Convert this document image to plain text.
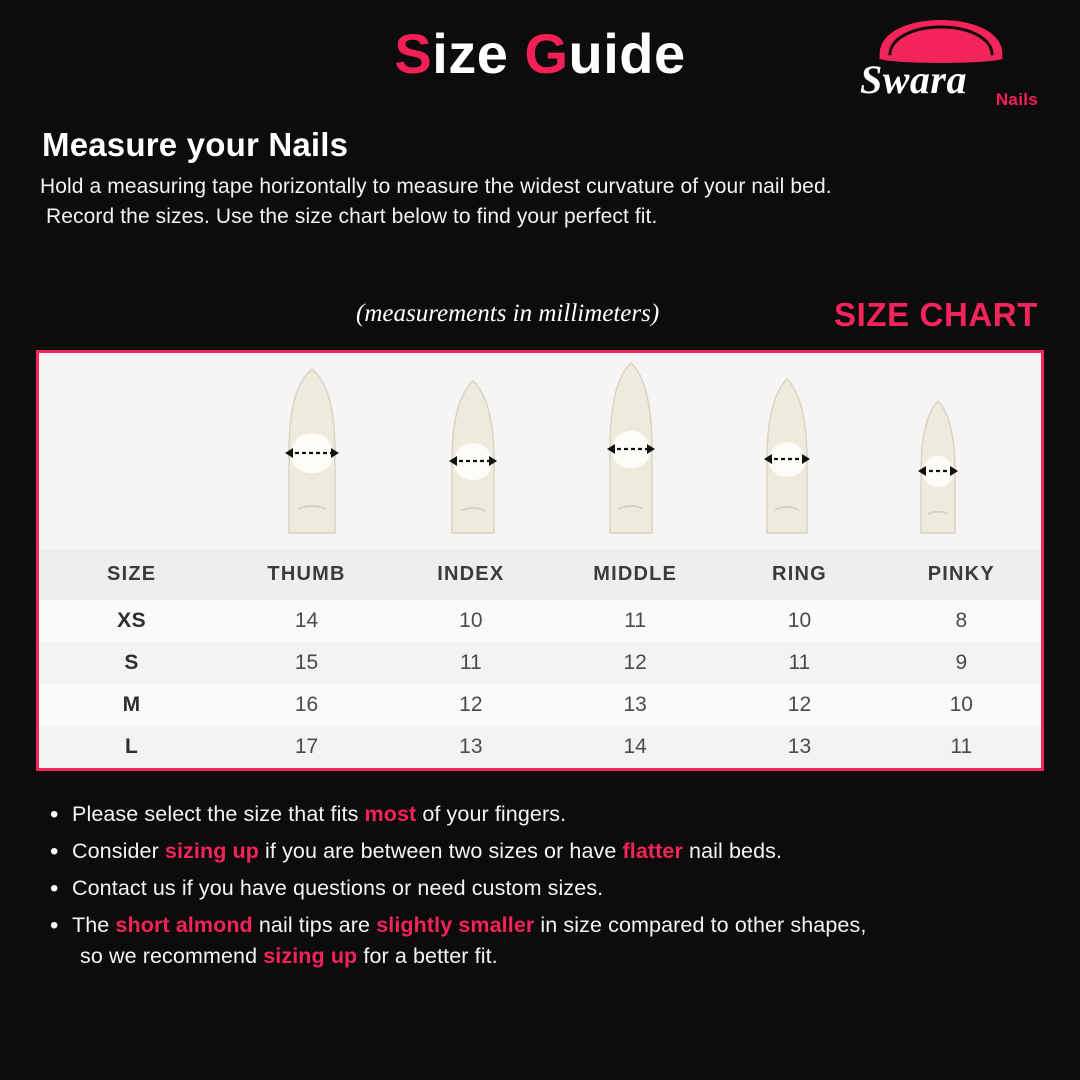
Size Guide	Swara Nails
Measure your Nails
Hold a measuring tape horizontally to measure the widest curvature of your nail bed.
Record the sizes. Use the size chart below to find your perfect fit.
(measurements in millimeters)	SIZE CHART
SIZE	THUMB	INDEX	MIDDLE	RING	PINKY
XS	14	10	11	10	8
S	15	11	12	11	9
M	16	12	13	12	10
L	17	13	14	13	11
• Please select the size that fits most of your fingers.
• Consider sizing up if you are between two sizes or have flatter nail beds.
• Contact us if you have questions or need custom sizes.
• The short almond nail tips are slightly smaller in size compared to other shapes,
so we recommend sizing up for a better fit.
